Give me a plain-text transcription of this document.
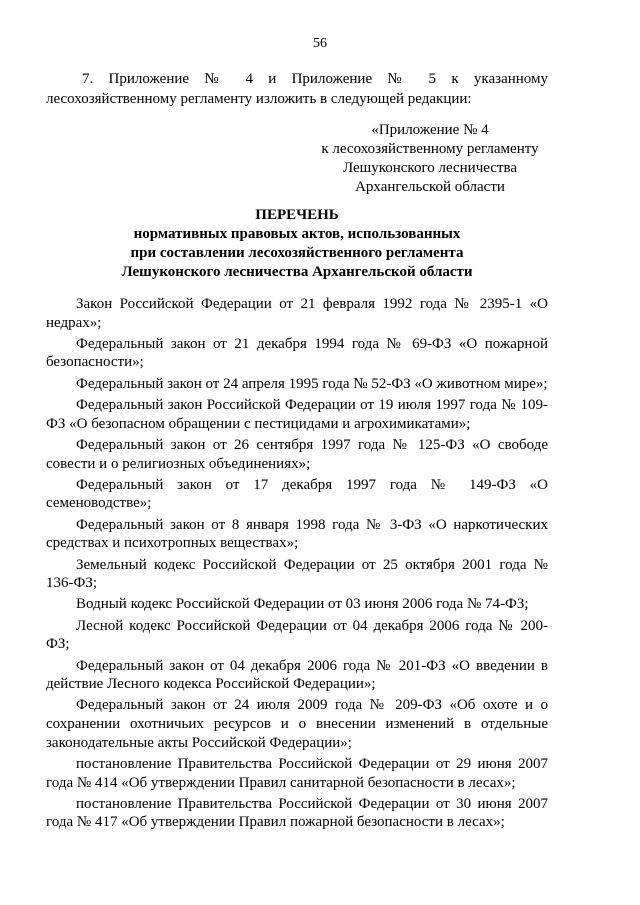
56

7. Приложение № 4 и Приложение № 5 к указанному

лесохозяйственному регламенту изложить в следующей редакции:

«Приложение № 4
к лесохозяйственному регламенту
Лешуконского лесничества
Архангельской области
ПЕРЕЧЕНЬ
нормативных правовых актов, использованных
при составлении лесохозяйственного регламента
Лешуконского лесничества Архангельской области

Закон Российской Федерации от 21 февраля 1992 года № 2395-1 «О недрах»;

Федеральный закон от 21 декабря 1994 года № 69-ФЗ «О пожарной безопасности»;

Федеральный закон от 24 апреля 1995 года № 52-ФЗ «О животном мире»;

Федеральный закон Российской Федерации от 19 июля 1997 года № 109-ФЗ «О безопасном обращении с пестицидами и агрохимикатами»;

Федеральный закон от 26 сентября 1997 года № 125-ФЗ «О свободе совести и о религиозных объединениях»;

Федеральный закон от 17 декабря 1997 года № 149-ФЗ «О семеноводстве»;

Федеральный закон от 8 января 1998 года № 3-ФЗ «О наркотических средствах и психотропных веществах»;

Земельный кодекс Российской Федерации от 25 октября 2001 года № 136-ФЗ;

Водный кодекс Российской Федерации от 03 июня 2006 года № 74-ФЗ;

Лесной кодекс Российской Федерации от 04 декабря 2006 года № 200-ФЗ;

Федеральный закон от 04 декабря 2006 года № 201-ФЗ «О введении в действие Лесного кодекса Российской Федерации»;

Федеральный закон от 24 июля 2009 года № 209-ФЗ «Об охоте и о сохранении охотничьих ресурсов и о внесении изменений в отдельные законодательные акты Российской Федерации»;

постановление Правительства Российской Федерации от 29 июня 2007 года № 414 «Об утверждении Правил санитарной безопасности в лесах»;

постановление Правительства Российской Федерации от 30 июня 2007 года № 417 «Об утверждении Правил пожарной безопасности в лесах»;
